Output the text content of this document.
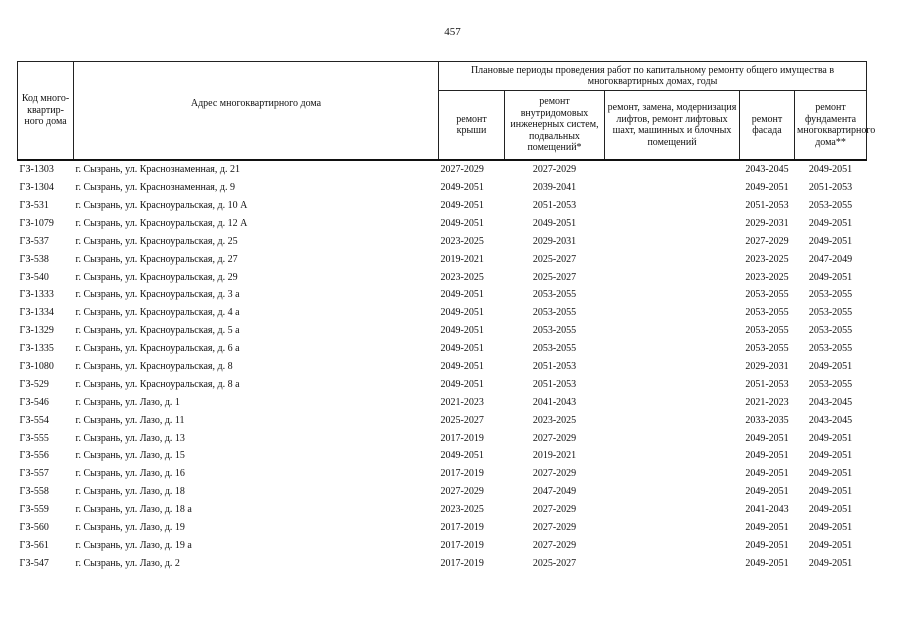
457
Код много-квартир-ного дома	Адрес многоквартирного дома	Плановые периоды проведения работ по капитальному ремонту общего имущества в многоквартирных домах, годы				
		ремонт крыши	ремонт внутридомовых инженерных систем, подвальных помещений*	ремонт, замена, модернизация лифтов, ремонт лифтовых шахт, машинных и блочных помещений	ремонт фасада	ремонт фундамента многоквартирного дома**
ГЗ-1303	г. Сызрань, ул. Краснознаменная, д. 21	2027-2029	2027-2029		2043-2045	2049-2051
ГЗ-1304	г. Сызрань, ул. Краснознаменная, д. 9	2049-2051	2039-2041		2049-2051	2051-2053
ГЗ-531	г. Сызрань, ул. Красноуральская, д. 10 А	2049-2051	2051-2053		2051-2053	2053-2055
ГЗ-1079	г. Сызрань, ул. Красноуральская, д. 12 А	2049-2051	2049-2051		2029-2031	2049-2051
ГЗ-537	г. Сызрань, ул. Красноуральская, д. 25	2023-2025	2029-2031		2027-2029	2049-2051
ГЗ-538	г. Сызрань, ул. Красноуральская, д. 27	2019-2021	2025-2027		2023-2025	2047-2049
ГЗ-540	г. Сызрань, ул. Красноуральская, д. 29	2023-2025	2025-2027		2023-2025	2049-2051
ГЗ-1333	г. Сызрань, ул. Красноуральская, д. 3 а	2049-2051	2053-2055		2053-2055	2053-2055
ГЗ-1334	г. Сызрань, ул. Красноуральская, д. 4 а	2049-2051	2053-2055		2053-2055	2053-2055
ГЗ-1329	г. Сызрань, ул. Красноуральская, д. 5 а	2049-2051	2053-2055		2053-2055	2053-2055
ГЗ-1335	г. Сызрань, ул. Красноуральская, д. 6 а	2049-2051	2053-2055		2053-2055	2053-2055
ГЗ-1080	г. Сызрань, ул. Красноуральская, д. 8	2049-2051	2051-2053		2029-2031	2049-2051
ГЗ-529	г. Сызрань, ул. Красноуральская, д. 8 а	2049-2051	2051-2053		2051-2053	2053-2055
ГЗ-546	г. Сызрань, ул. Лазо, д. 1	2021-2023	2041-2043		2021-2023	2043-2045
ГЗ-554	г. Сызрань, ул. Лазо, д. 11	2025-2027	2023-2025		2033-2035	2043-2045
ГЗ-555	г. Сызрань, ул. Лазо, д. 13	2017-2019	2027-2029		2049-2051	2049-2051
ГЗ-556	г. Сызрань, ул. Лазо, д. 15	2049-2051	2019-2021		2049-2051	2049-2051
ГЗ-557	г. Сызрань, ул. Лазо, д. 16	2017-2019	2027-2029		2049-2051	2049-2051
ГЗ-558	г. Сызрань, ул. Лазо, д. 18	2027-2029	2047-2049		2049-2051	2049-2051
ГЗ-559	г. Сызрань, ул. Лазо, д. 18 а	2023-2025	2027-2029		2041-2043	2049-2051
ГЗ-560	г. Сызрань, ул. Лазо, д. 19	2017-2019	2027-2029		2049-2051	2049-2051
ГЗ-561	г. Сызрань, ул. Лазо, д. 19 а	2017-2019	2027-2029		2049-2051	2049-2051
ГЗ-547	г. Сызрань, ул. Лазо, д. 2	2017-2019	2025-2027		2049-2051	2049-2051
